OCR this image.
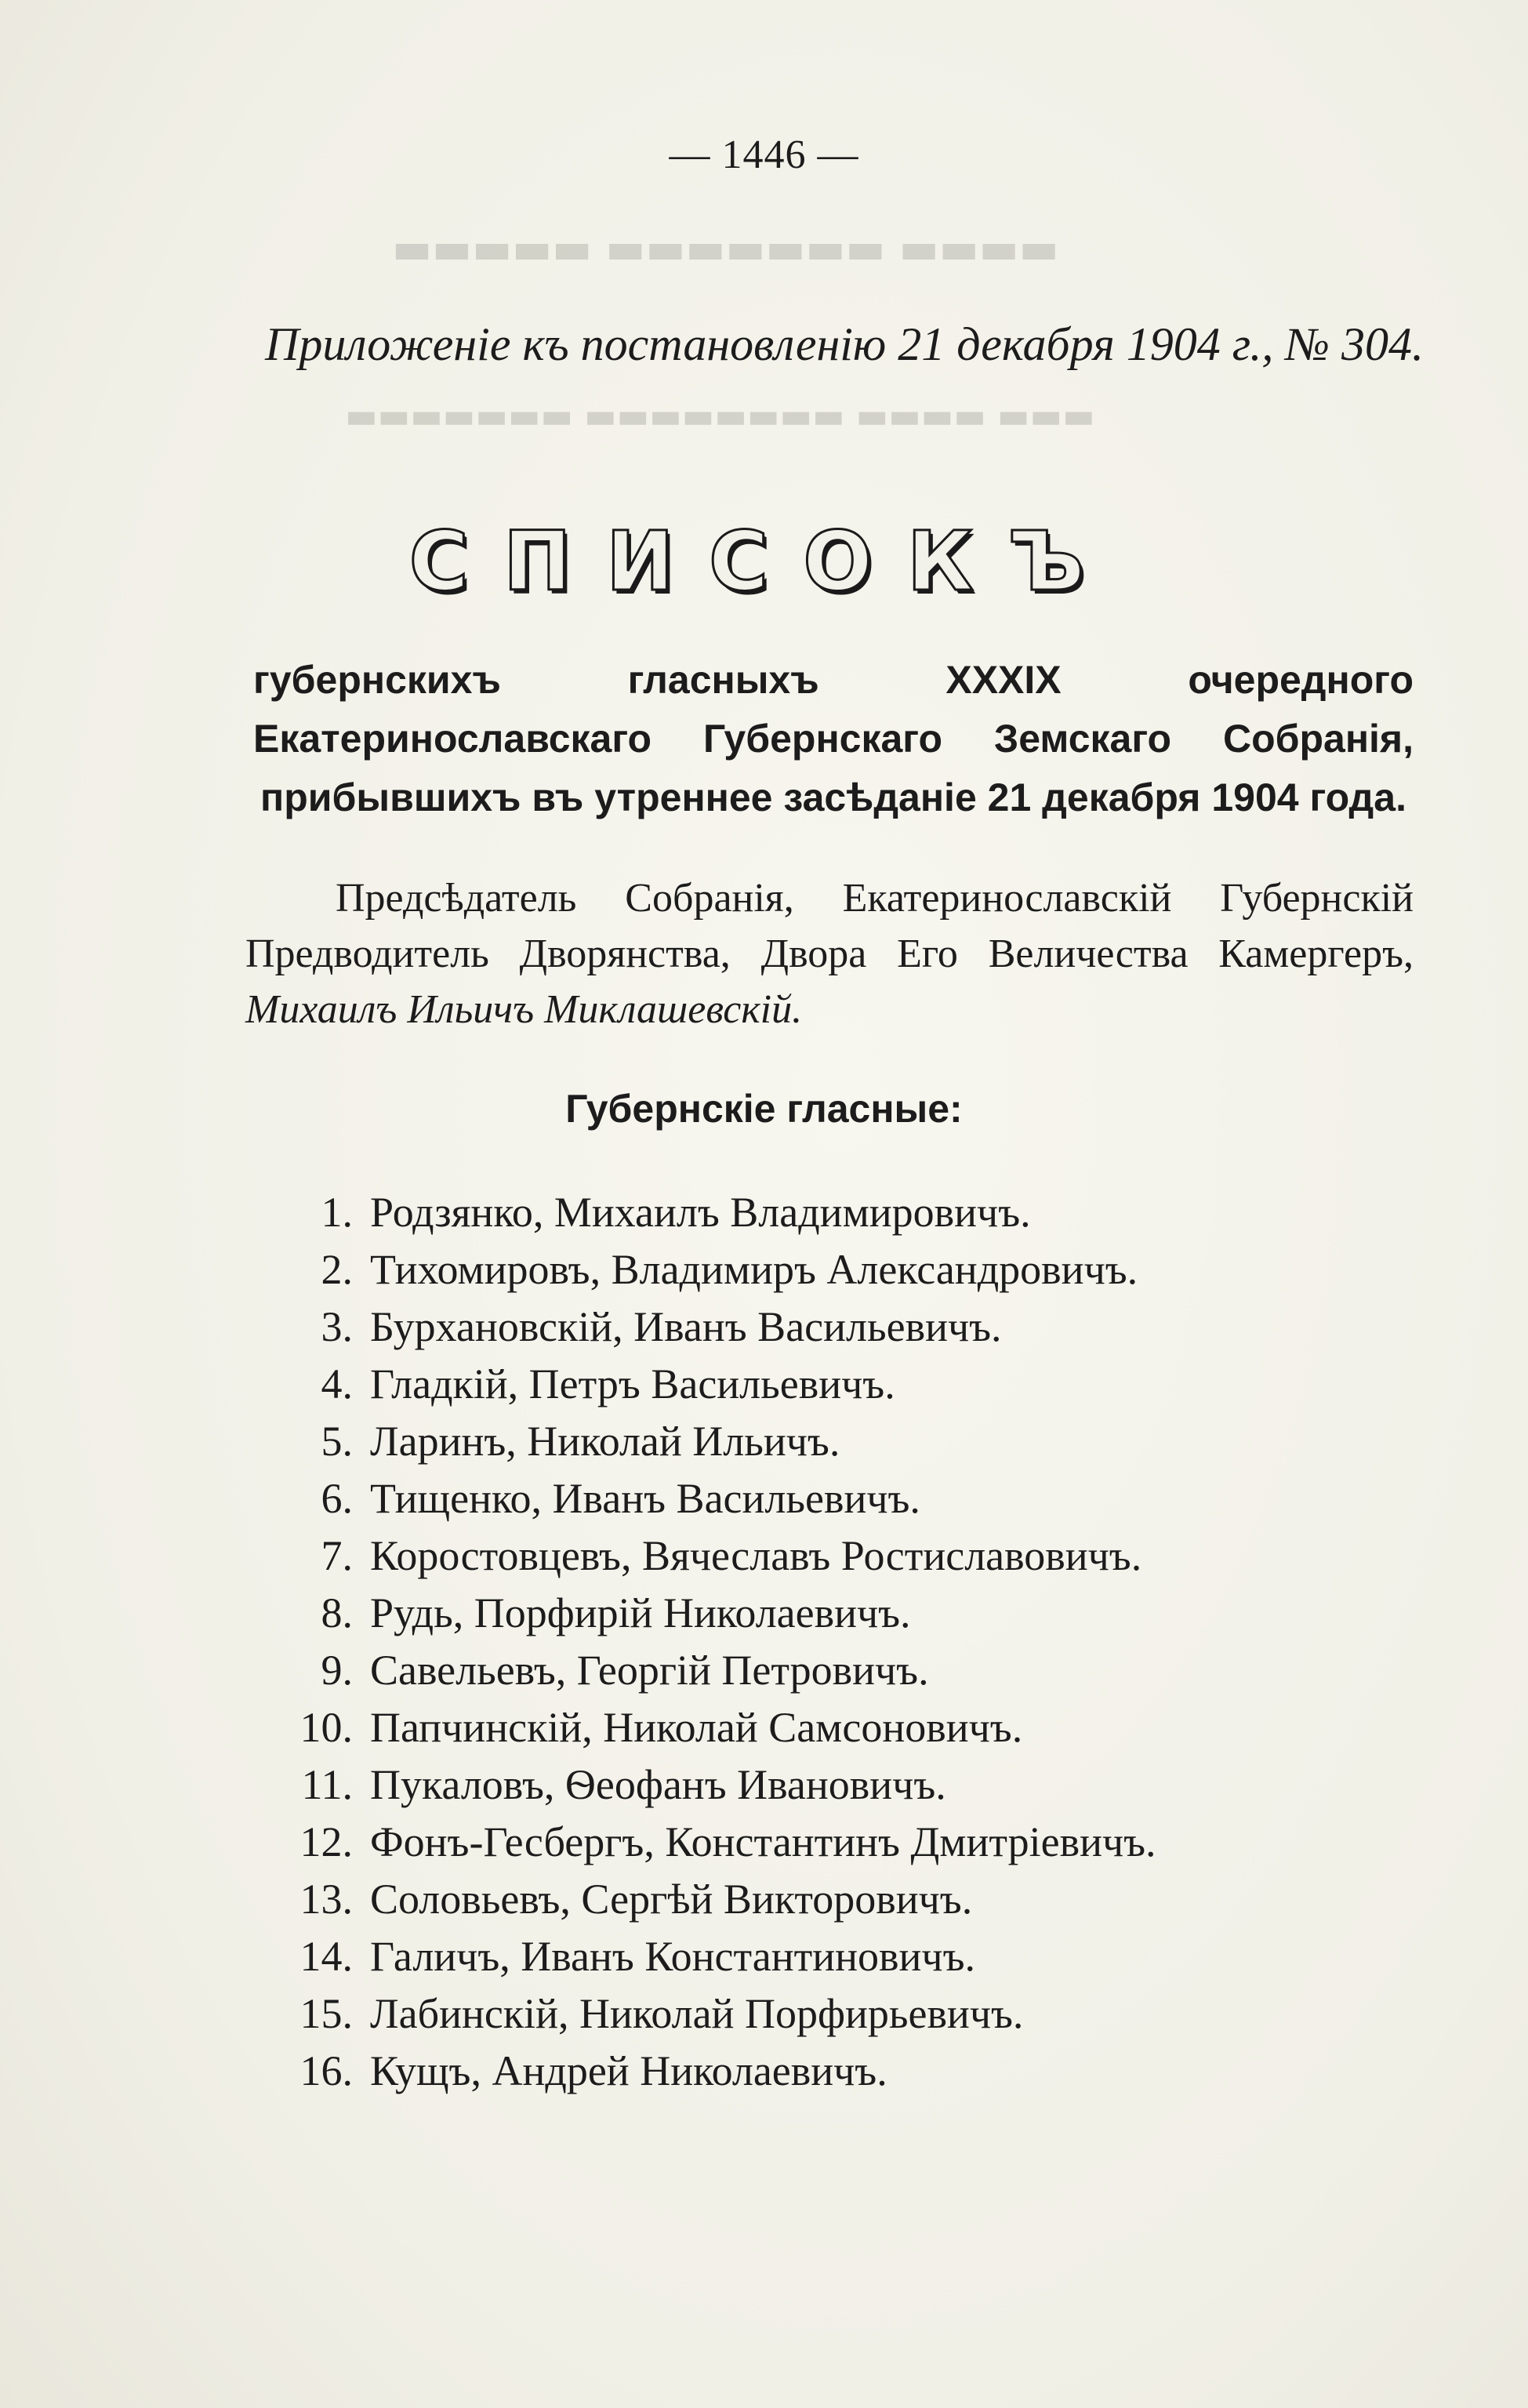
▬▬▬▬ ▬▬▬▬▬▬▬ ▬▬▬▬▬
▬▬▬ ▬▬▬▬ ▬▬▬▬▬▬▬▬ ▬▬▬▬▬▬▬
— 1446 —
Приложеніе къ постановленію 21 декабря 1904 г., № 304.
СПИСОКЪ
губернскихъ гласныхъ XXXIX очередного Екатеринославскаго Губернскаго Земскаго Собранія, прибывшихъ въ утреннее засѣданіе 21 декабря 1904 года.
Предсѣдатель Собранія, Екатеринославскій Губернскій Предводитель Дворянства, Двора Его Величества Камергеръ, Михаилъ Ильичъ Миклашевскій.
Губернскіе гласные:
1. Родзянко, Михаилъ Владимировичъ.
2. Тихомировъ, Владимиръ Александровичъ.
3. Бурхановскій, Иванъ Васильевичъ.
4. Гладкій, Петръ Васильевичъ.
5. Ларинъ, Николай Ильичъ.
6. Тищенко, Иванъ Васильевичъ.
7. Коростовцевъ, Вячеславъ Ростиславовичъ.
8. Рудь, Порфирій Николаевичъ.
9. Савельевъ, Георгій Петровичъ.
10. Папчинскій, Николай Самсоновичъ.
11. Пукаловъ, Ѳеофанъ Ивановичъ.
12. Фонъ-Гесбергъ, Константинъ Дмитріевичъ.
13. Соловьевъ, Сергѣй Викторовичъ.
14. Галичъ, Иванъ Константиновичъ.
15. Лабинскій, Николай Порфирьевичъ.
16. Кущъ, Андрей Николаевичъ.
